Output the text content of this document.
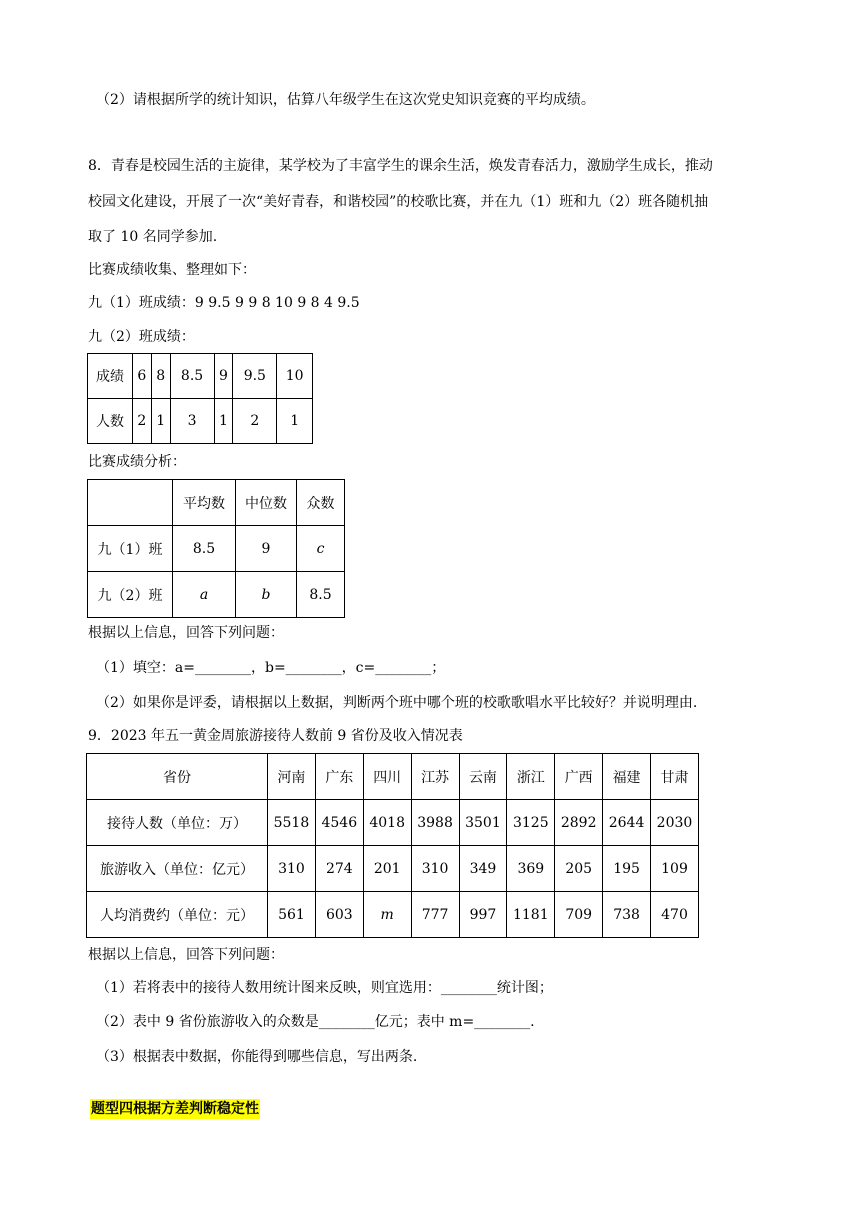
（2）请根据所学的统计知识，估算八年级学生在这次党史知识竞赛的平均成绩。
8．青春是校园生活的主旋律，某学校为了丰富学生的课余生活，焕发青春活力，激励学生成长，推动
校园文化建设，开展了一次“美好青春，和谐校园”的校歌比赛，并在九（1）班和九（2）班各随机抽
取了 10 名同学参加.
比赛成绩收集、整理如下：
九（1）班成绩：9 9.5 9 9 8 10 9 8 4 9.5
九（2）班成绩：
成绩	6	8	8.5	9	9.5	10
人数	2	1	3	1	2	1
比赛成绩分析：
	平均数	中位数	众数
九（1）班	8.5	9	c
九（2）班	a	b	8.5
根据以上信息，回答下列问题：
（1）填空：a=________，b=________，c=________；
（2）如果你是评委，请根据以上数据，判断两个班中哪个班的校歌歌唱水平比较好？并说明理由.
9．2023 年五一黄金周旅游接待人数前 9 省份及收入情况表
省份	河南	广东	四川	江苏	云南	浙江	广西	福建	甘肃
接待人数（单位：万）	5518	4546	4018	3988	3501	3125	2892	2644	2030
旅游收入（单位：亿元）	310	274	201	310	349	369	205	195	109
人均消费约（单位：元）	561	603	m	777	997	1181	709	738	470
根据以上信息，回答下列问题：
（1）若将表中的接待人数用统计图来反映，则宜选用：________统计图；
（2）表中 9 省份旅游收入的众数是________亿元；表中 m=________.
（3）根据表中数据，你能得到哪些信息，写出两条.
题型四根据方差判断稳定性
